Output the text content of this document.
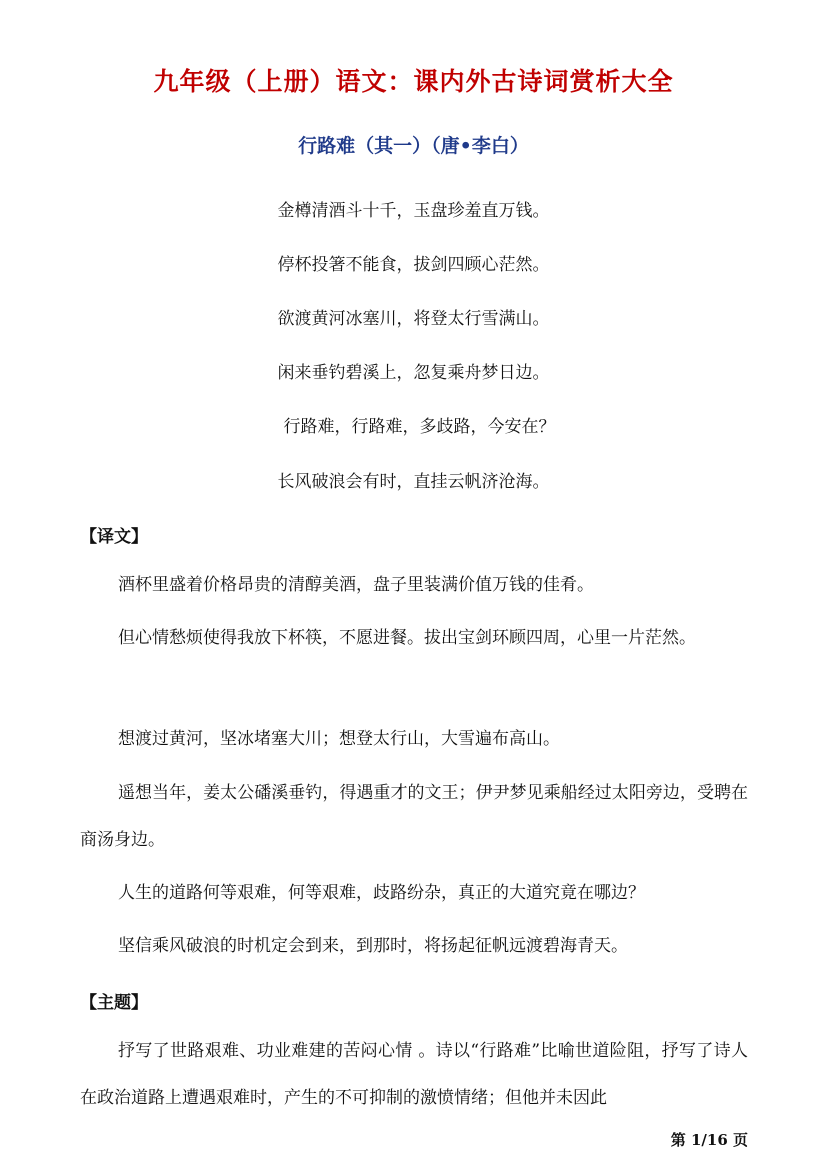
九年级（上册）语文：课内外古诗词赏析大全
行路难（其一）（唐•李白）
金樽清酒斗十千，玉盘珍羞直万钱。
停杯投箸不能食，拔剑四顾心茫然。
欲渡黄河冰塞川，将登太行雪满山。
闲来垂钓碧溪上，忽复乘舟梦日边。
行路难，行路难，多歧路，今安在？
长风破浪会有时，直挂云帆济沧海。
【译文】

酒杯里盛着价格昂贵的清醇美酒，盘子里装满价值万钱的佳肴。

但心情愁烦使得我放下杯筷，不愿进餐。拔出宝剑环顾四周，心里一片茫然。

想渡过黄河，坚冰堵塞大川；想登太行山，大雪遍布高山。

遥想当年，姜太公磻溪垂钓，得遇重才的文王；伊尹梦见乘船经过太阳旁边，受聘在商汤身边。

人生的道路何等艰难，何等艰难，歧路纷杂，真正的大道究竟在哪边？

坚信乘风破浪的时机定会到来，到那时，将扬起征帆远渡碧海青天。

【主题】

抒写了世路艰难、功业难建的苦闷心情 。诗以“行路难”比喻世道险阻，抒写了诗人在政治道路上遭遇艰难时，产生的不可抑制的激愤情绪；但他并未因此

第 1/16 页
